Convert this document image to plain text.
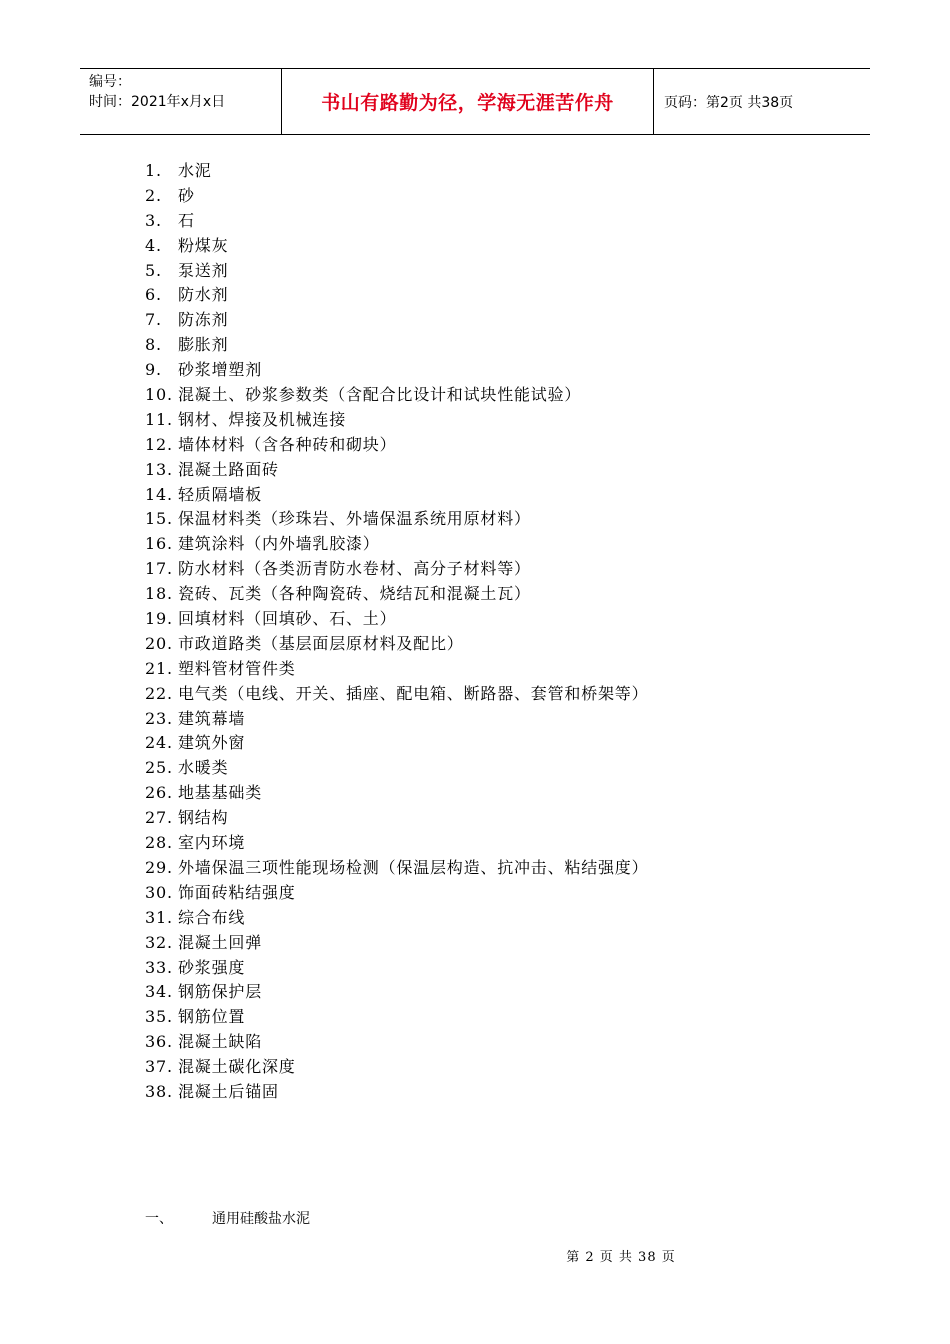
编号：
时间：2021年x月x日	书山有路勤为径，学海无涯苦作舟	页码：第2页 共38页
1.	水泥
2.	砂
3.	石
4.	粉煤灰
5.	泵送剂
6.	防水剂
7.	防冻剂
8.	膨胀剂
9.	砂浆增塑剂
10. 混凝土、砂浆参数类（含配合比设计和试块性能试验）
11. 钢材、焊接及机械连接
12. 墙体材料（含各种砖和砌块）
13. 混凝土路面砖
14. 轻质隔墙板
15. 保温材料类（珍珠岩、外墙保温系统用原材料）
16. 建筑涂料（内外墙乳胶漆）
17. 防水材料（各类沥青防水卷材、高分子材料等）
18. 瓷砖、瓦类（各种陶瓷砖、烧结瓦和混凝土瓦）
19. 回填材料（回填砂、石、土）
20. 市政道路类（基层面层原材料及配比）
21. 塑料管材管件类
22. 电气类（电线、开关、插座、配电箱、断路器、套管和桥架等）
23. 建筑幕墙
24. 建筑外窗
25. 水暖类
26. 地基基础类
27. 钢结构
28. 室内环境
29. 外墙保温三项性能现场检测（保温层构造、抗冲击、粘结强度）
30. 饰面砖粘结强度
31. 综合布线
32. 混凝土回弹
33. 砂浆强度
34. 钢筋保护层
35. 钢筋位置
36. 混凝土缺陷
37. 混凝土碳化深度
38. 混凝土后锚固
一、	通用硅酸盐水泥
第 2 页 共 38 页
